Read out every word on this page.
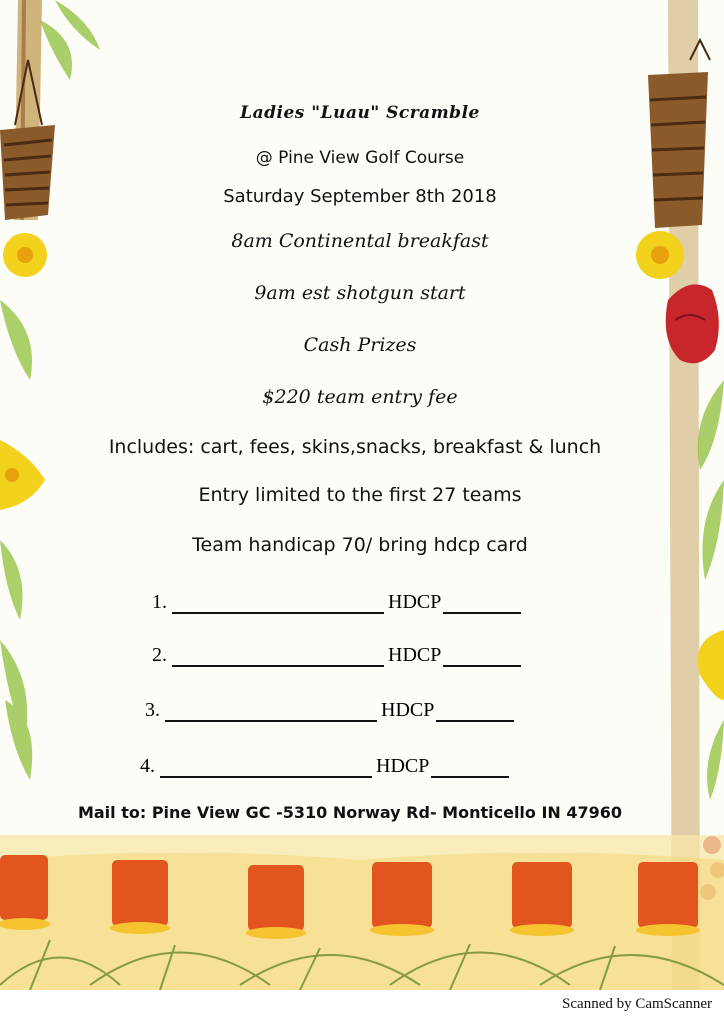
Ladies "Luau" Scramble
@ Pine View Golf Course
Saturday September 8th 2018
8am Continental breakfast
9am est shotgun start
Cash Prizes
$220 team entry fee
Includes: cart, fees, skins,snacks, breakfast & lunch
Entry limited to the first 27 teams
Team handicap 70/ bring hdcp card
1.	HDCP
2.	HDCP
3.	HDCP
4.	HDCP
Mail to: Pine View GC -5310 Norway Rd- Monticello IN 47960
Scanned by CamScanner
